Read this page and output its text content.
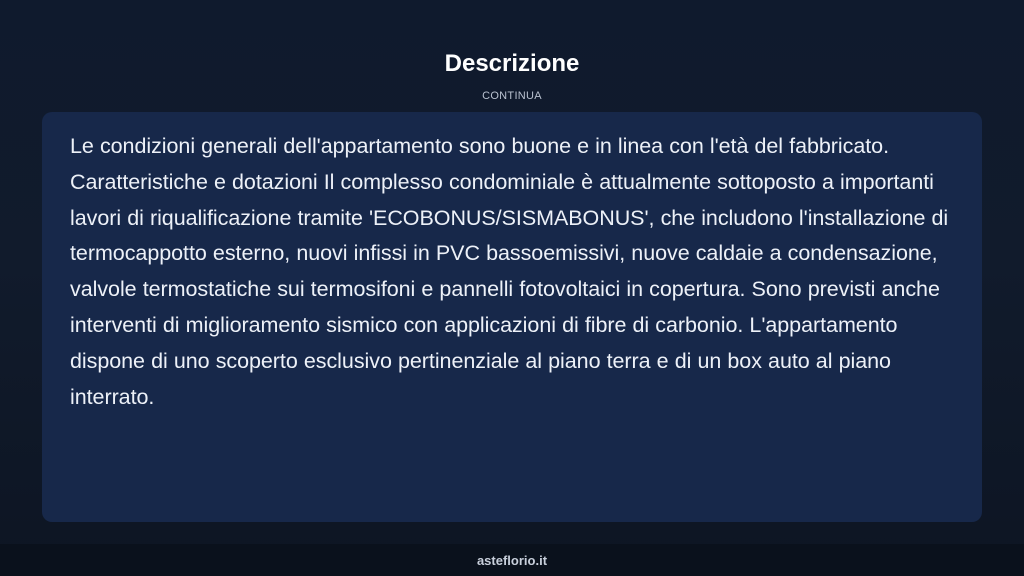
Descrizione
CONTINUA

Le condizioni generali dell'appartamento sono buone e in linea con l'età del fabbricato. Caratteristiche e dotazioni Il complesso condominiale è attualmente sottoposto a importanti lavori di riqualificazione tramite 'ECOBONUS/SISMABONUS', che includono l'installazione di termocappotto esterno, nuovi infissi in PVC bassoemissivi, nuove caldaie a condensazione, valvole termostatiche sui termosifoni e pannelli fotovoltaici in copertura. Sono previsti anche interventi di miglioramento sismico con applicazioni di fibre di carbonio. L'appartamento dispone di uno scoperto esclusivo pertinenziale al piano terra e di un box auto al piano interrato.

asteflorio.it
